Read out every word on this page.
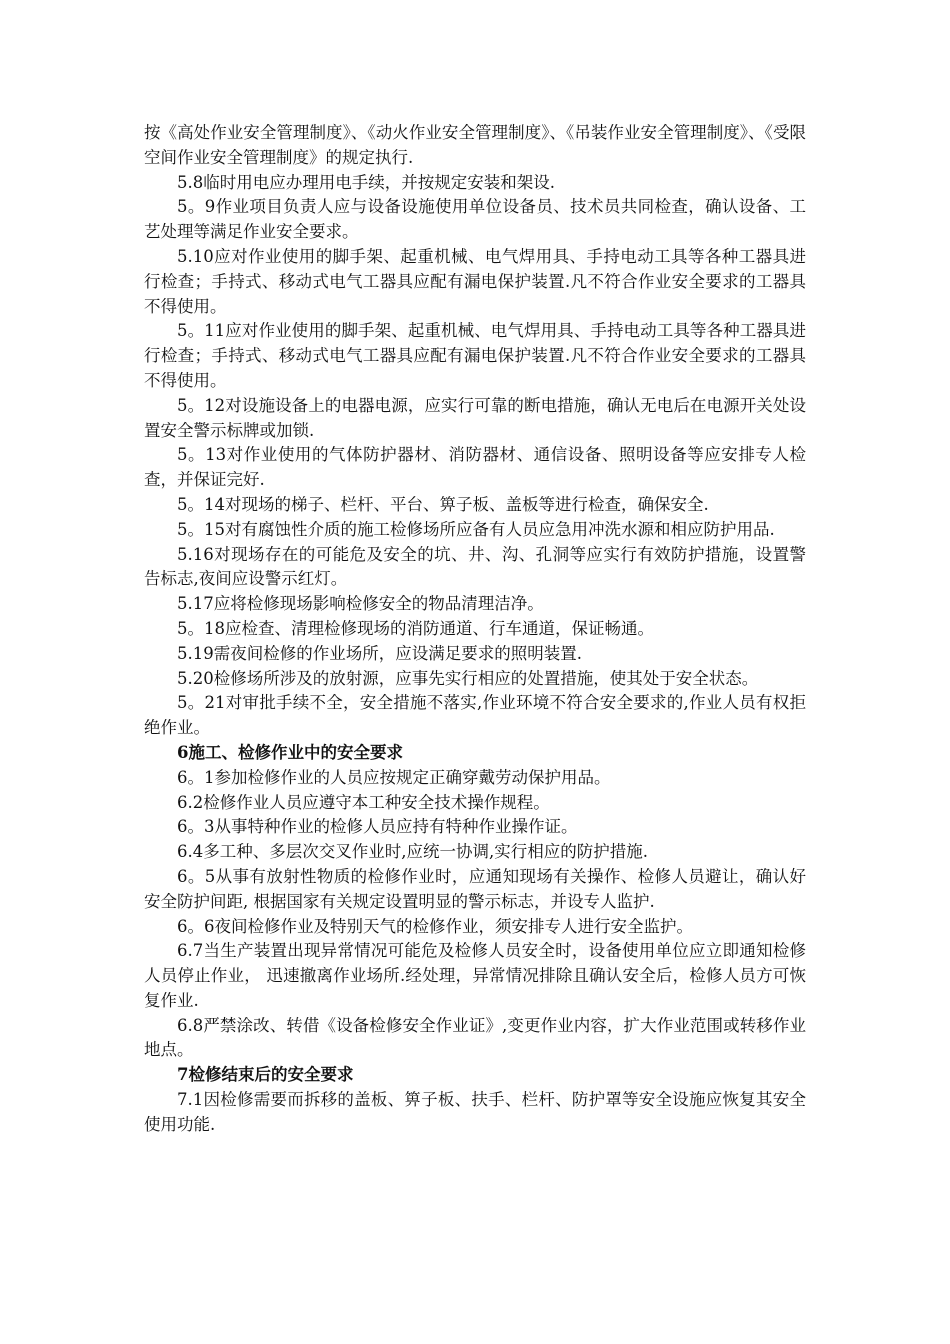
按《高处作业安全管理制度》、《动火作业安全管理制度》、《吊装作业安全管理制度》、《受限空间作业安全管理制度》的规定执行.

5.8临时用电应办理用电手续，并按规定安装和架设.

5。9作业项目负责人应与设备设施使用单位设备员、技术员共同检查，确认设备、工艺处理等满足作业安全要求。

5.10应对作业使用的脚手架、起重机械、电气焊用具、手持电动工具等各种工器具进行检查；手持式、移动式电气工器具应配有漏电保护装置.凡不符合作业安全要求的工器具不得使用。

5。11应对作业使用的脚手架、起重机械、电气焊用具、手持电动工具等各种工器具进行检查；手持式、移动式电气工器具应配有漏电保护装置.凡不符合作业安全要求的工器具不得使用。

5。12对设施设备上的电器电源，应实行可靠的断电措施，确认无电后在电源开关处设置安全警示标牌或加锁.

5。13对作业使用的气体防护器材、消防器材、通信设备、照明设备等应安排专人检查，并保证完好.

5。14对现场的梯子、栏杆、平台、箅子板、盖板等进行检查，确保安全.

5。15对有腐蚀性介质的施工检修场所应备有人员应急用冲洗水源和相应防护用品.

5.16对现场存在的可能危及安全的坑、井、沟、孔洞等应实行有效防护措施，设置警告标志,夜间应设警示红灯。

5.17应将检修现场影响检修安全的物品清理洁净。

5。18应检查、清理检修现场的消防通道、行车通道，保证畅通。

5.19需夜间检修的作业场所，应设满足要求的照明装置.

5.20检修场所涉及的放射源，应事先实行相应的处置措施，使其处于安全状态。

5。21对审批手续不全，安全措施不落实,作业环境不符合安全要求的,作业人员有权拒绝作业。

6施工、检修作业中的安全要求

6。1参加检修作业的人员应按规定正确穿戴劳动保护用品。

6.2检修作业人员应遵守本工种安全技术操作规程。

6。3从事特种作业的检修人员应持有特种作业操作证。

6.4多工种、多层次交叉作业时,应统一协调,实行相应的防护措施.

6。5从事有放射性物质的检修作业时，应通知现场有关操作、检修人员避让，确认好安全防护间距, 根据国家有关规定设置明显的警示标志，并设专人监护.

6。6夜间检修作业及特别天气的检修作业，须安排专人进行安全监护。

6.7当生产装置出现异常情况可能危及检修人员安全时，设备使用单位应立即通知检修人员停止作业， 迅速撤离作业场所.经处理，异常情况排除且确认安全后，检修人员方可恢复作业.

6.8严禁涂改、转借《设备检修安全作业证》,变更作业内容，扩大作业范围或转移作业地点。

7检修结束后的安全要求

7.1因检修需要而拆移的盖板、箅子板、扶手、栏杆、防护罩等安全设施应恢复其安全使用功能.
